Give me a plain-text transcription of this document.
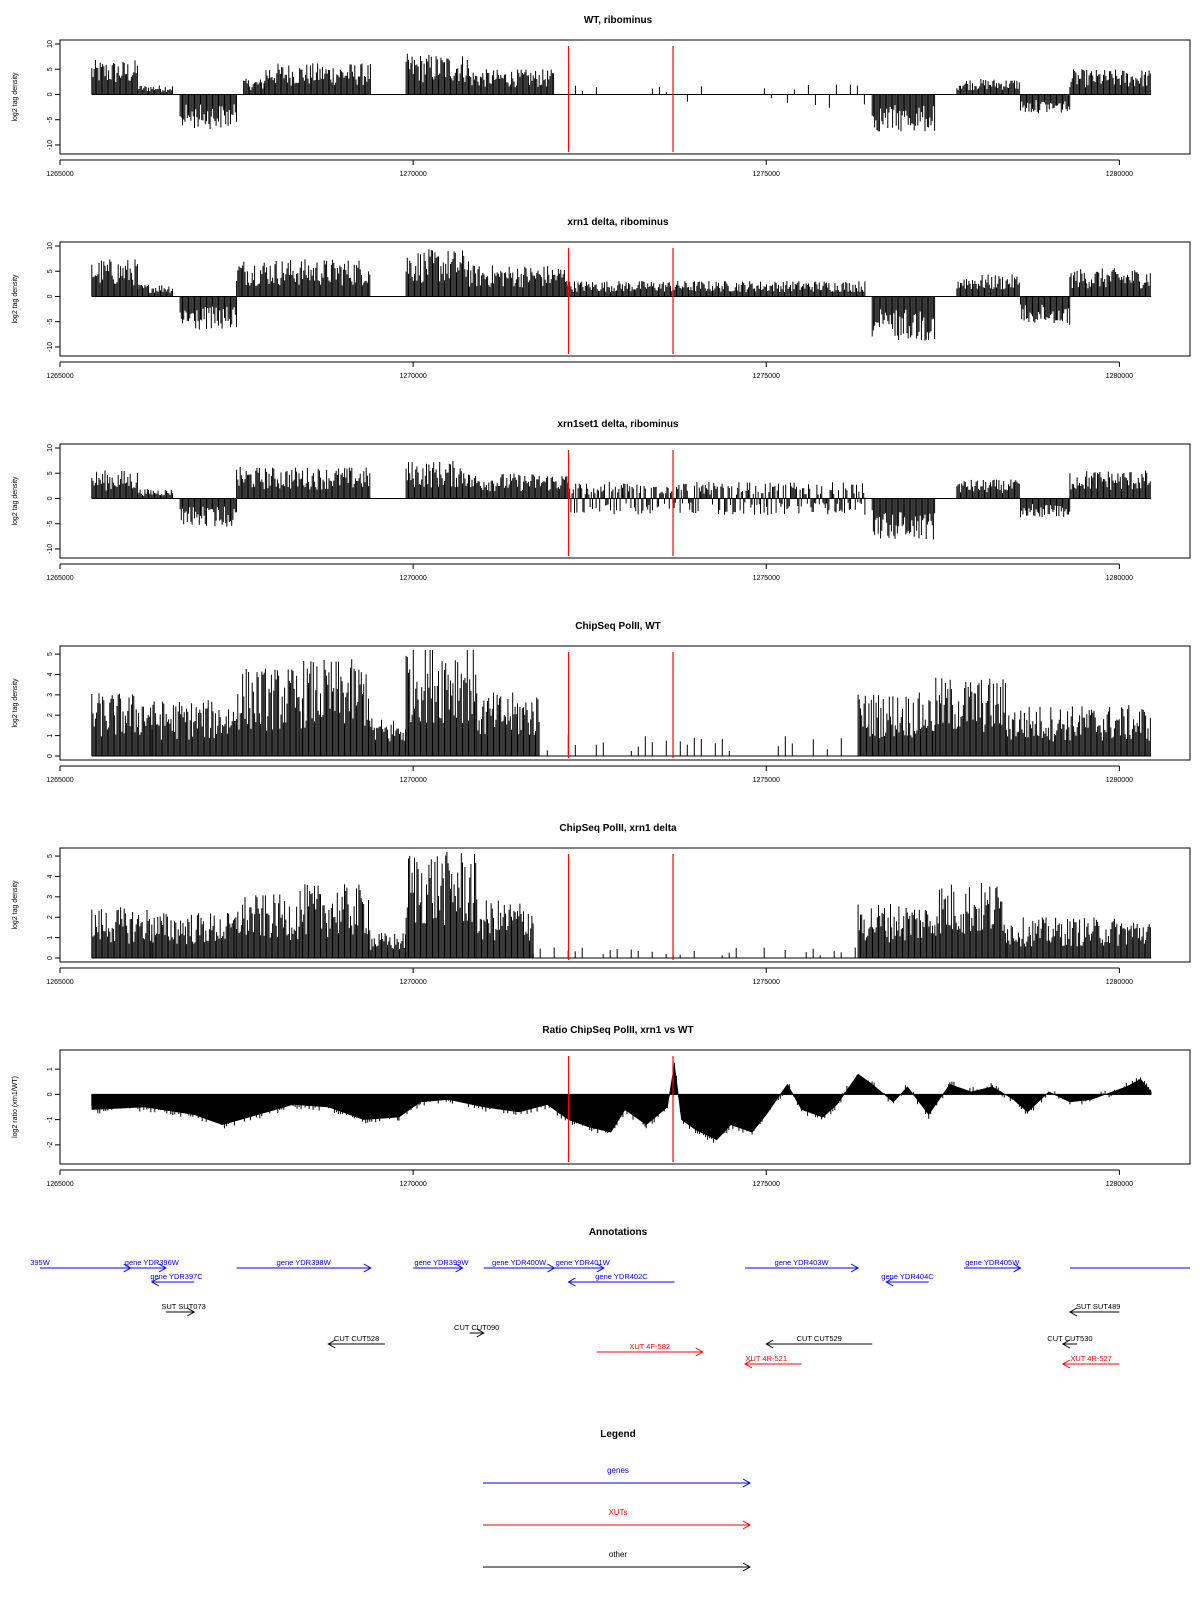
WT, ribominus
10
5
0
-5
-10
log2 tag density
1265000	1270000	1275000	1280000
xrn1 delta, ribominus
10
5
0
-5
-10
log2 tag density
1265000	1270000	1275000	1280000
xrn1set1 delta, ribominus
10
5
0
-5
-10
log2 tag density
1265000	1270000	1275000	1280000
ChipSeq PolII, WT
5
4
3
2
1
0
log2 tag density
1265000	1270000	1275000	1280000
ChipSeq PolII, xrn1 delta
5
4
3
2
1
0
log2 tag density
1265000	1270000	1275000	1280000
Ratio ChipSeq PolII, xrn1 vs WT
1
0
-1
-2
log2 ratio (xrn1/WT)
1265000	1270000	1275000	1280000
Annotations
395W	gene YDR396W
gene YDR397C
gene YDR398W	gene YDR399W	gene YDR400W gene YDR401W
gene YDR402C
gene YDR403W
gene YDR404C
gene YDR405W
SUT SUT073	SUT SUT489
CUT CUT090
CUT CUT528	CUT CUT529	CUT CUT530
XUT 4F-582
XUT 4R-521	XUT 4R-527
Legend
genes
XUTs
other
